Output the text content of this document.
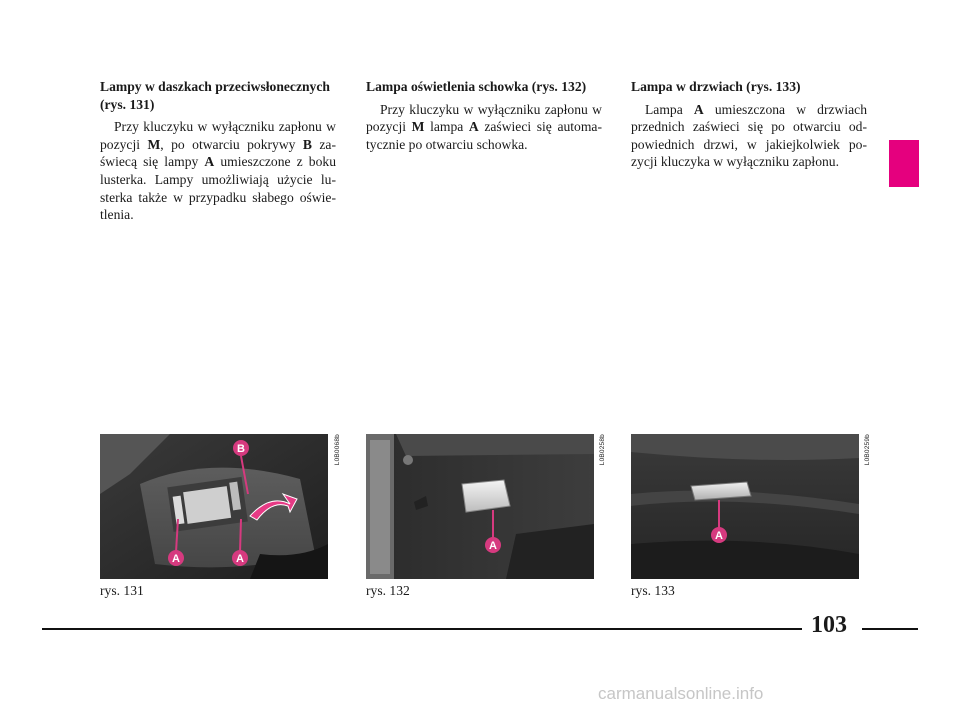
Lampy w daszkach przeciwsłonecznych (rys. 131)

Przy kluczyku w wyłączniku zapłonu w pozycji M, po otwarciu pokrywy B za-świecą się lampy A umieszczone z boku lusterka. Lampy umożliwiają użycie lu-sterka także w przypadku słabego oświe-tlenia.

Lampa oświetlenia schowka (rys. 132)

Przy kluczyku w wyłączniku zapłonu w pozycji M lampa A zaświeci się automa-tycznie po otwarciu schowka.

Lampa w drzwiach (rys. 133)

Lampa A umieszczona w drzwiach przednich zaświeci się po otwarciu od-powiednich drzwi, w jakiejkolwiek po-zycji kluczyka w wyłączniku zapłonu.

B
A	A
L0B0068b
A
L0B0258b
A
L0B0259b
rys. 131	rys. 132	rys. 133
103
carmanualsonline.info
